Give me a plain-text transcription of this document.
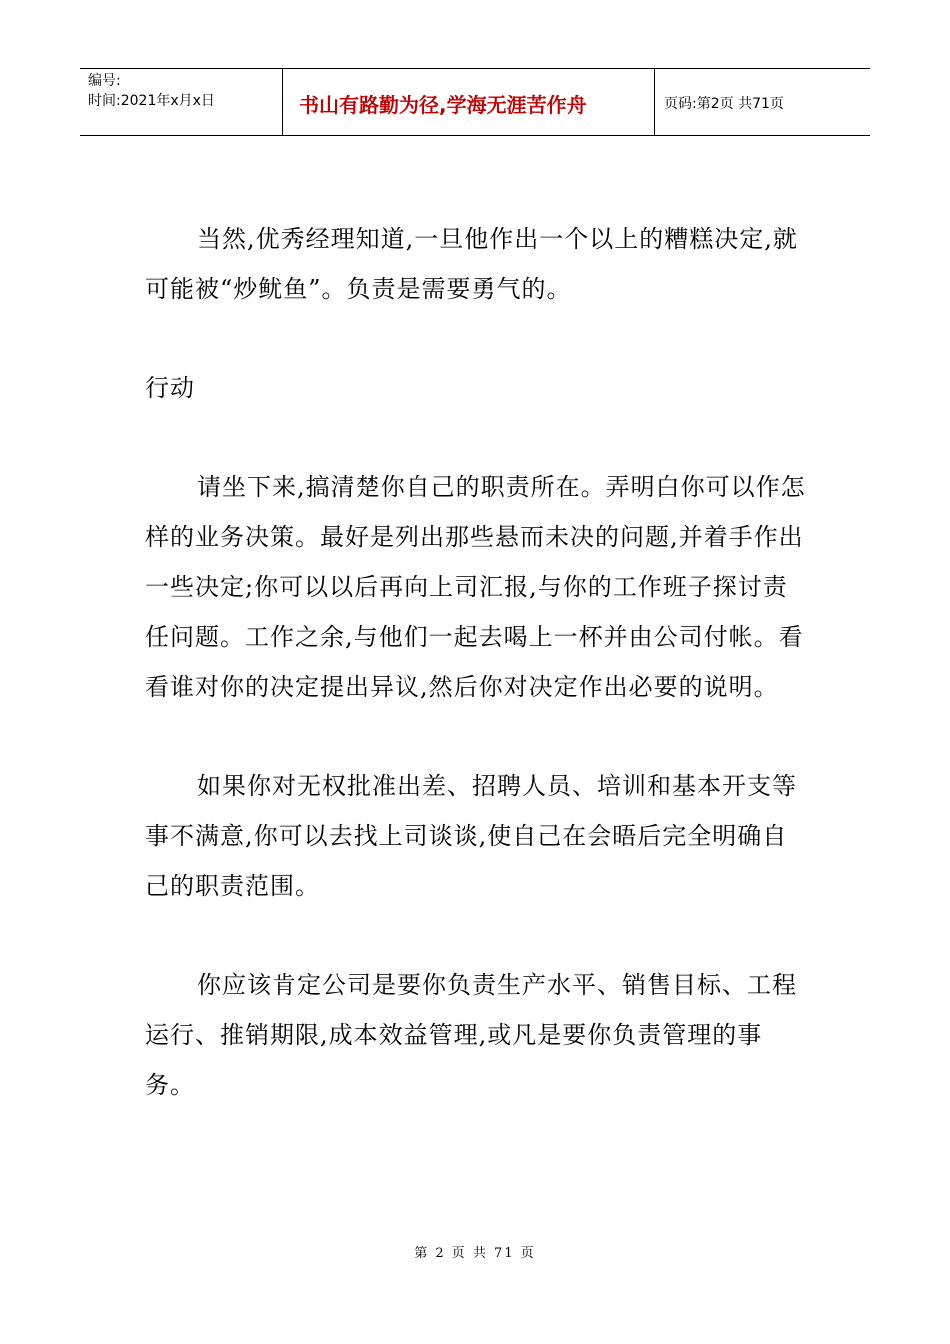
编号:
时间:2021年x月x日	书山有路勤为径,学海无涯苦作舟	页码:第2页 共71页

当然,优秀经理知道,一旦他作出一个以上的糟糕决定,就可能被“炒鱿鱼”。负责是需要勇气的。

行动

请坐下来,搞清楚你自己的职责所在。弄明白你可以作怎样的业务决策。最好是列出那些悬而未决的问题,并着手作出一些决定;你可以以后再向上司汇报,与你的工作班子探讨责任问题。工作之余,与他们一起去喝上一杯并由公司付帐。看看谁对你的决定提出异议,然后你对决定作出必要的说明。

如果你对无权批准出差、招聘人员、培训和基本开支等事不满意,你可以去找上司谈谈,使自己在会晤后完全明确自己的职责范围。

你应该肯定公司是要你负责生产水平、销售目标、工程运行、推销期限,成本效益管理,或凡是要你负责管理的事务。

第 2 页 共 71 页
